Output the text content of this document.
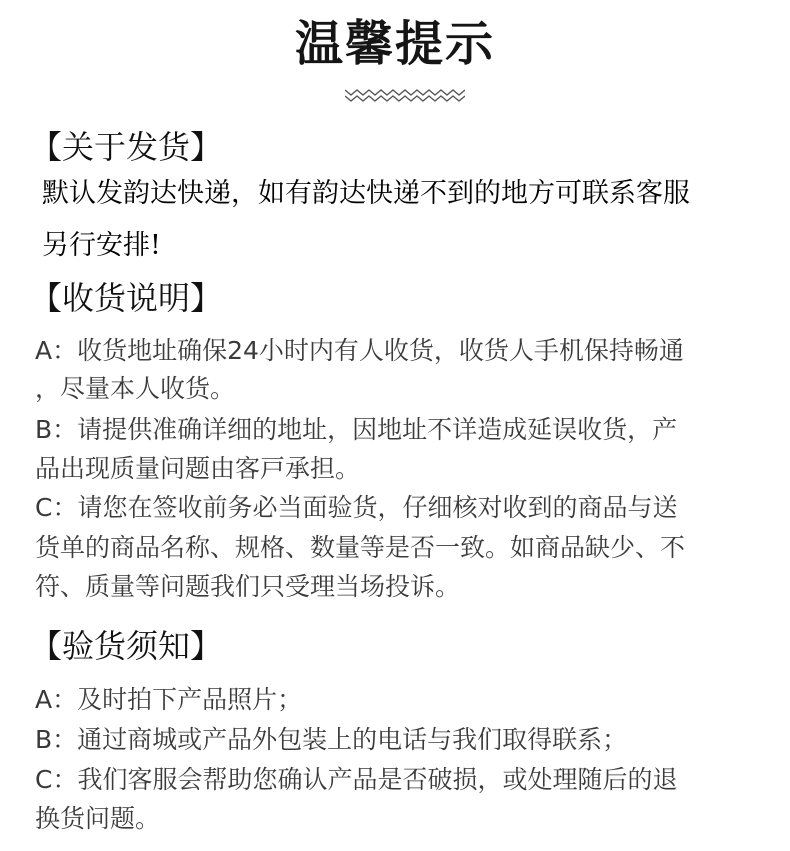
温馨提示
【关于发货】
默认发韵达快递，如有韵达快递不到的地方可联系客服
另行安排!
【收货说明】
A：收货地址确保24小时内有人收货，收货人手机保持畅通
，尽量本人收货。
B：请提供准确详细的地址，因地址不详造成延误收货，产
品出现质量问题由客戸承担。
C：请您在签收前务必当面验货，仔细核对收到的商品与送
货单的商品名称、规格、数量等是否一致。如商品缺少、不
符、质量等问题我们只受理当场投诉。
【验货须知】
A：及时拍下产品照片；
B：通过商城或产品外包装上的电话与我们取得联系；
C：我们客服会帮助您确认产品是否破损，或处理随后的退
换货问题。
